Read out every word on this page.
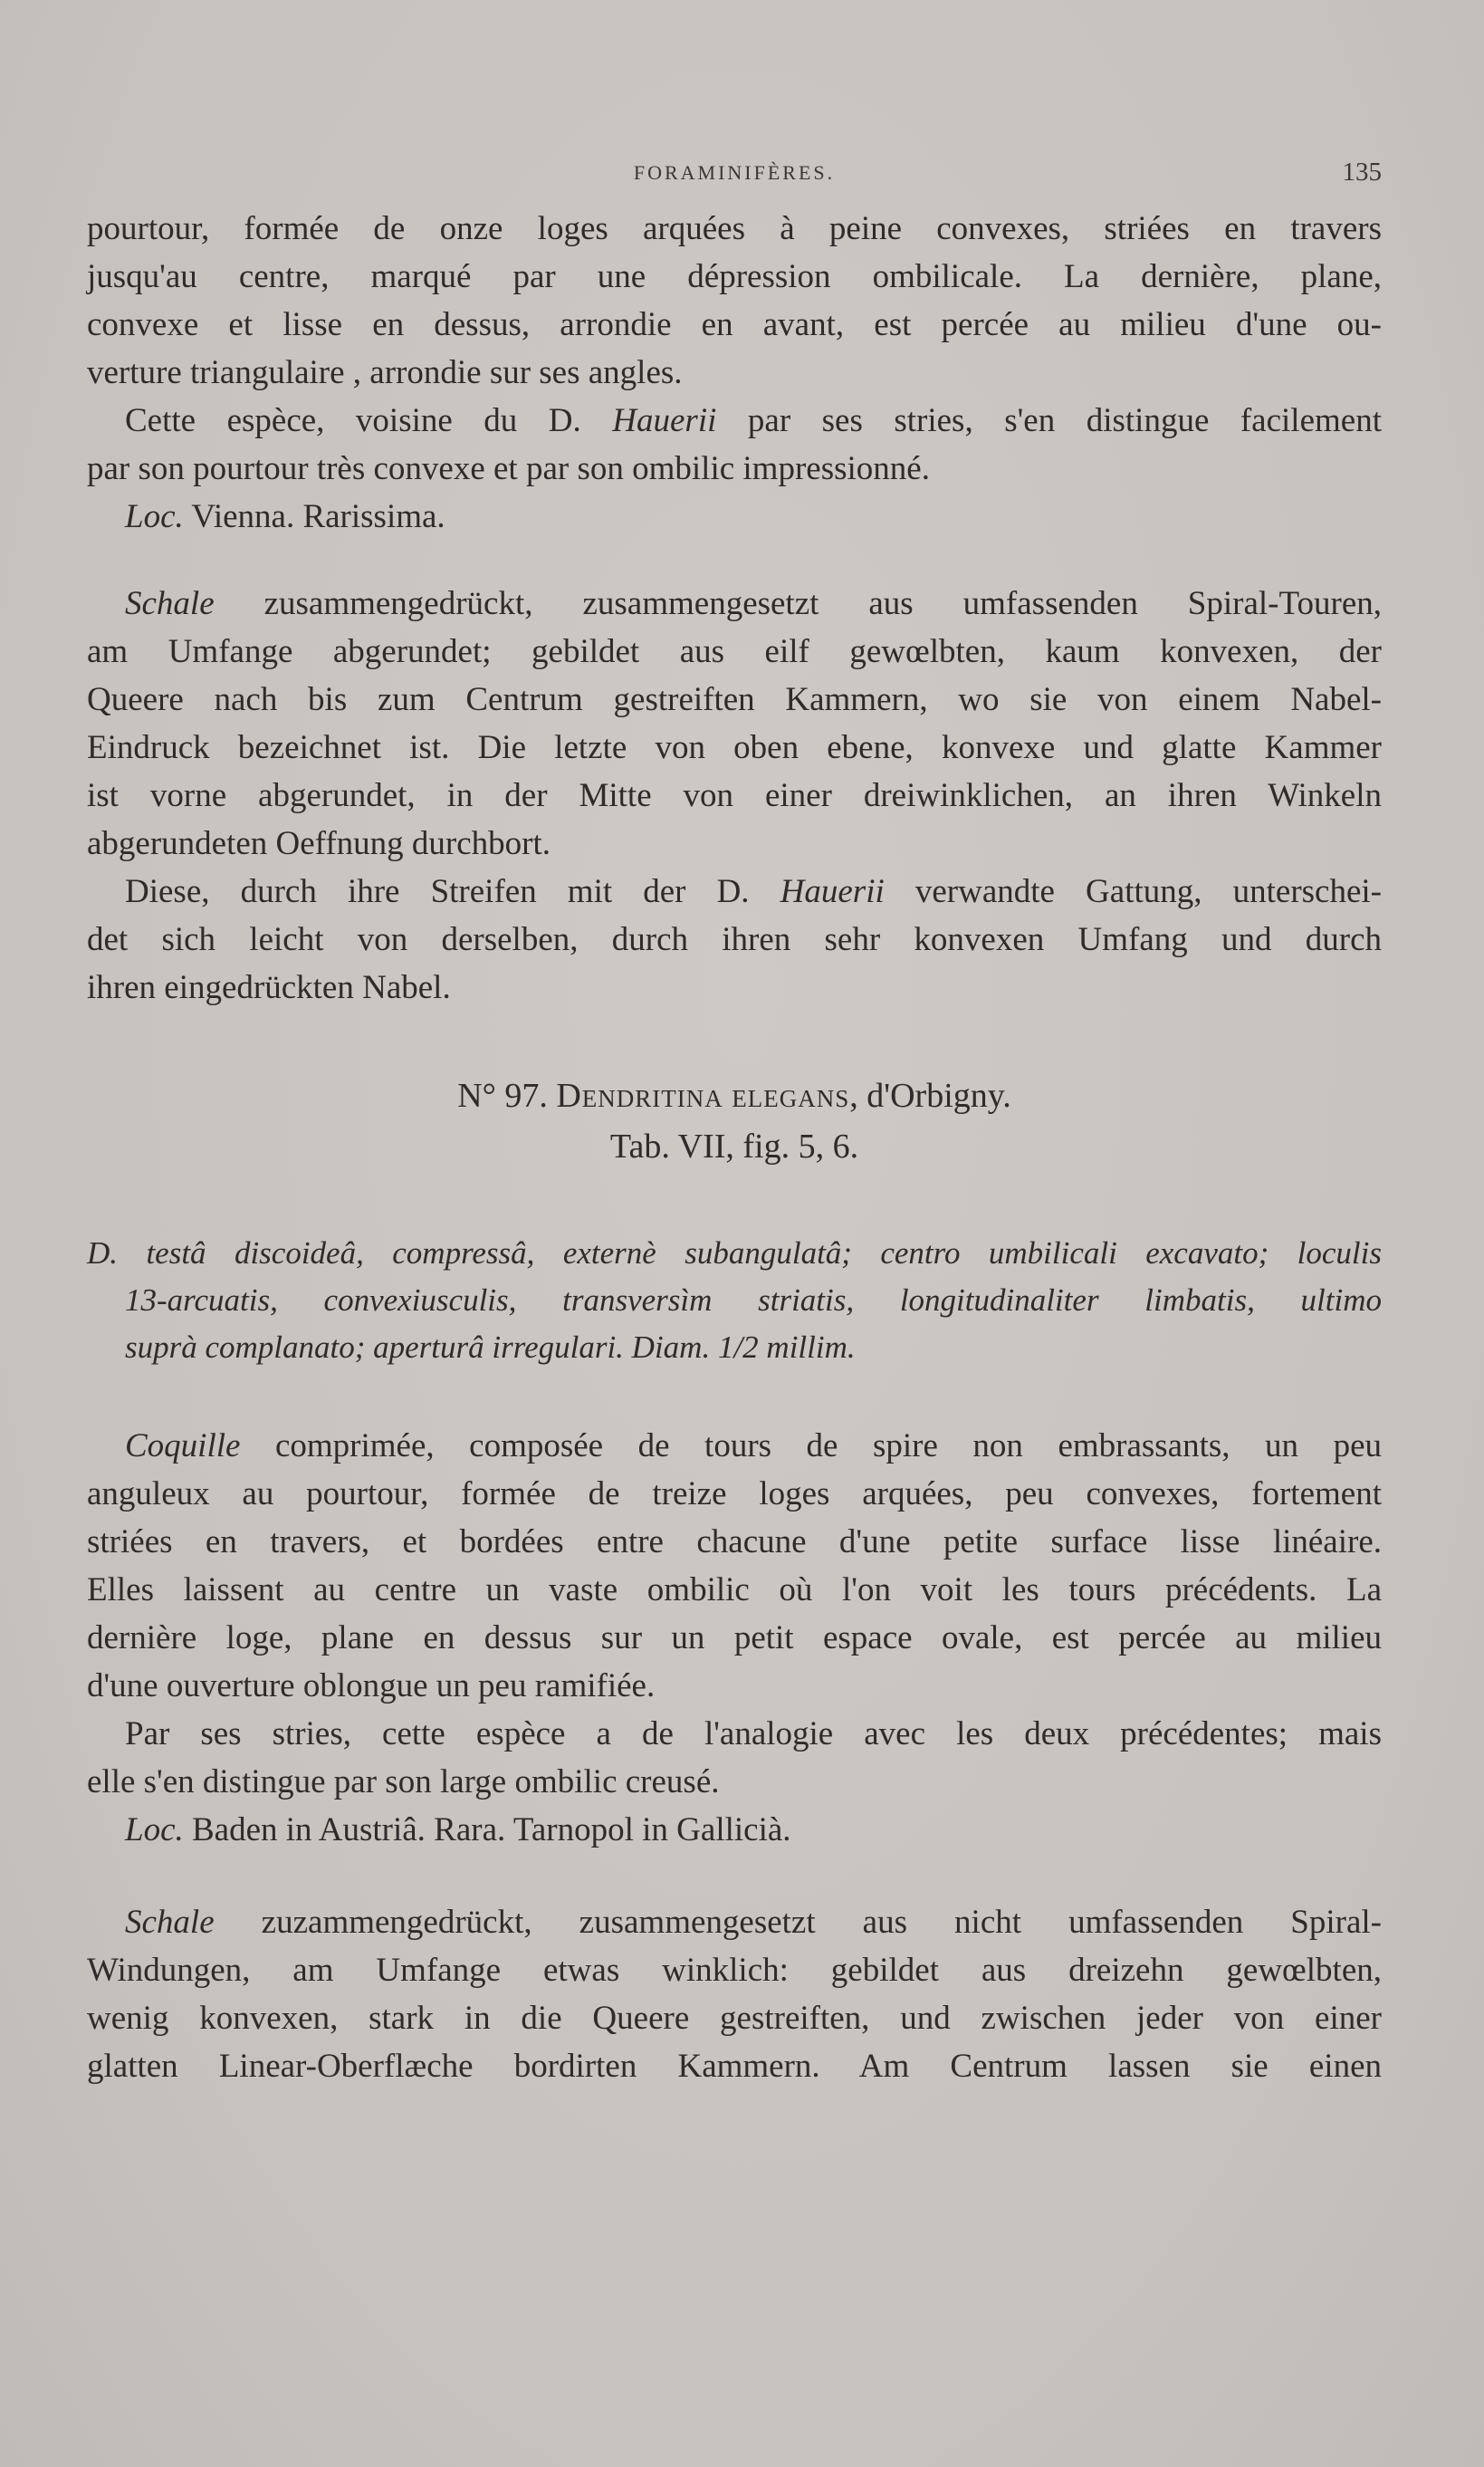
FORAMINIFÈRES.	135
pourtour, formée de onze loges arquées à peine convexes, striées en travers
jusqu'au centre, marqué par une dépression ombilicale. La dernière, plane,
convexe et lisse en dessus, arrondie en avant, est percée au milieu d'une ou-
verture triangulaire , arrondie sur ses angles.
Cette espèce, voisine du D. Hauerii par ses stries, s'en distingue facilement
par son pourtour très convexe et par son ombilic impressionné.
Loc. Vienna. Rarissima.
Schale zusammengedrückt, zusammengesetzt aus umfassenden Spiral-Touren,
am Umfange abgerundet; gebildet aus eilf gewœlbten, kaum konvexen, der
Queere nach bis zum Centrum gestreiften Kammern, wo sie von einem Nabel-
Eindruck bezeichnet ist. Die letzte von oben ebene, konvexe und glatte Kammer
ist vorne abgerundet, in der Mitte von einer dreiwinklichen, an ihren Winkeln
abgerundeten Oeffnung durchbort.
Diese, durch ihre Streifen mit der D. Hauerii verwandte Gattung, unterschei-
det sich leicht von derselben, durch ihren sehr konvexen Umfang und durch
ihren eingedrückten Nabel.
N° 97. Dendritina elegans, d'Orbigny.
Tab. VII, fig. 5, 6.
D. testâ discoideâ, compressâ, externè subangulatâ; centro umbilicali excavato; loculis
13-arcuatis, convexiusculis, transversìm striatis, longitudinaliter limbatis, ultimo
suprà complanato; aperturâ irregulari. Diam. 1/2 millim.
Coquille comprimée, composée de tours de spire non embrassants, un peu
anguleux au pourtour, formée de treize loges arquées, peu convexes, fortement
striées en travers, et bordées entre chacune d'une petite surface lisse linéaire.
Elles laissent au centre un vaste ombilic où l'on voit les tours précédents. La
dernière loge, plane en dessus sur un petit espace ovale, est percée au milieu
d'une ouverture oblongue un peu ramifiée.
Par ses stries, cette espèce a de l'analogie avec les deux précédentes; mais
elle s'en distingue par son large ombilic creusé.
Loc. Baden in Austriâ. Rara. Tarnopol in Gallicià.
Schale zuzammengedrückt, zusammengesetzt aus nicht umfassenden Spiral-
Windungen, am Umfange etwas winklich: gebildet aus dreizehn gewœlbten,
wenig konvexen, stark in die Queere gestreiften, und zwischen jeder von einer
glatten Linear-Oberflæche bordirten Kammern. Am Centrum lassen sie einen
